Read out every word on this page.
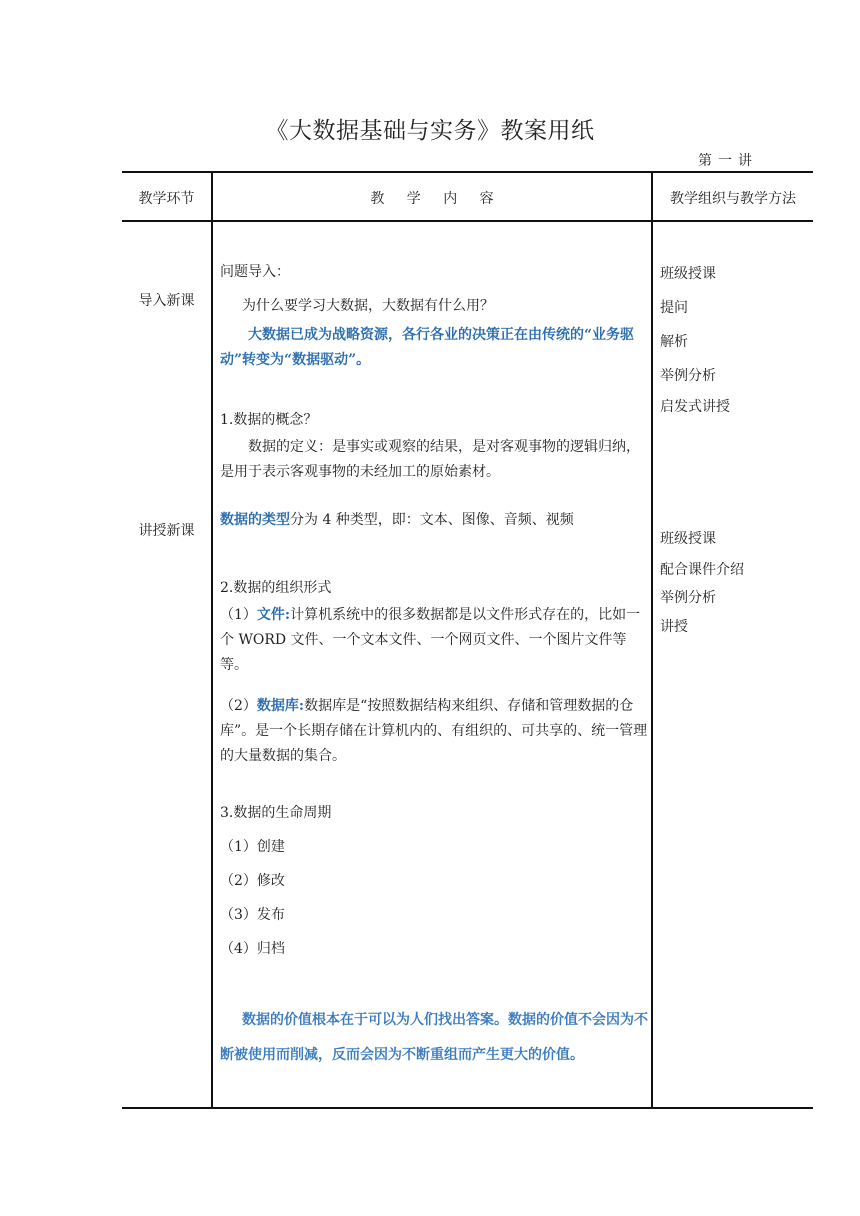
《大数据基础与实务》教案用纸
第一讲
教学环节	教 学 内 容	教学组织与教学方法
导入新课
讲授新课
问题导入：
为什么要学习大数据，大数据有什么用？
大数据已成为战略资源，各行各业的决策正在由传统的“业务驱动”转变为“数据驱动”。
1.数据的概念？
数据的定义：是事实或观察的结果，是对客观事物的逻辑归纳，是用于表示客观事物的未经加工的原始素材。
数据的类型分为 4 种类型，即：文本、图像、音频、视频
2.数据的组织形式
（1）文件:计算机系统中的很多数据都是以文件形式存在的，比如一个 WORD 文件、一个文本文件、一个网页文件、一个图片文件等等。
（2）数据库:数据库是“按照数据结构来组织、存储和管理数据的仓库”。是一个长期存储在计算机内的、有组织的、可共享的、统一管理的大量数据的集合。
3.数据的生命周期
（1）创建
（2）修改
（3）发布
（4）归档
数据的价值根本在于可以为人们找出答案。数据的价值不会因为不断被使用而削减，反而会因为不断重组而产生更大的价值。
班级授课
提问
解析
举例分析
启发式讲授
班级授课
配合课件介绍
举例分析
讲授
